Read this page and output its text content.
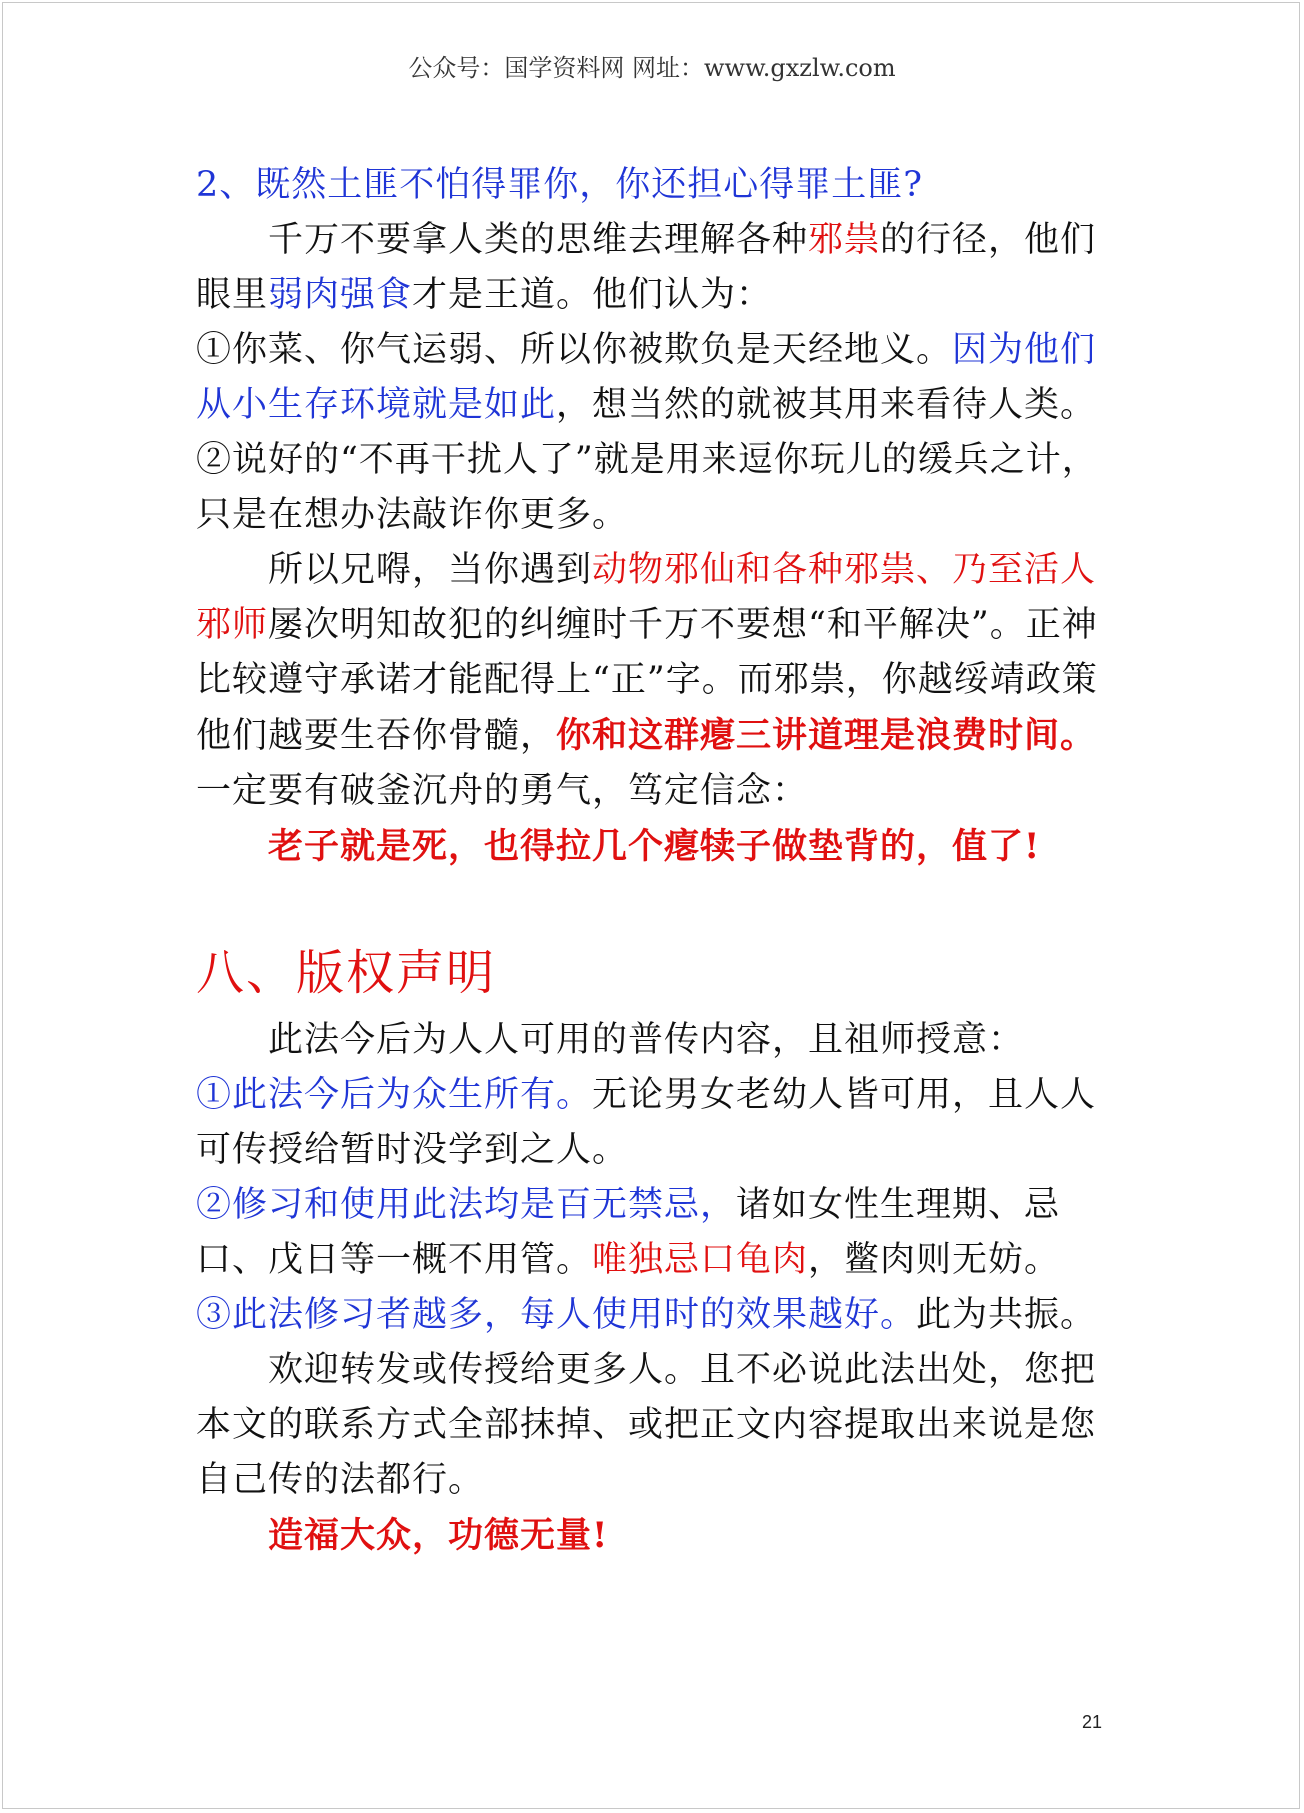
公众号：国学资料网 网址：www.gxzlw.com

2、既然土匪不怕得罪你，你还担心得罪土匪?

千万不要拿人类的思维去理解各种邪祟的行径，他们眼里弱肉强食才是王道。他们认为：

①你菜、你气运弱、所以你被欺负是天经地义。因为他们从小生存环境就是如此，想当然的就被其用来看待人类。

②说好的“不再干扰人了”就是用来逗你玩儿的缓兵之计，只是在想办法敲诈你更多。

所以兄嘚，当你遇到动物邪仙和各种邪祟、乃至活人邪师屡次明知故犯的纠缠时千万不要想“和平解决”。正神比较遵守承诺才能配得上“正”字。而邪祟，你越绥靖政策他们越要生吞你骨髓，你和这群瘪三讲道理是浪费时间。一定要有破釜沉舟的勇气，笃定信念：

老子就是死，也得拉几个瘪犊子做垫背的，值了!

八、版权声明

此法今后为人人可用的普传内容，且祖师授意：

①此法今后为众生所有。无论男女老幼人皆可用，且人人可传授给暂时没学到之人。

②修习和使用此法均是百无禁忌，诸如女性生理期、忌口、戊日等一概不用管。唯独忌口龟肉，鳖肉则无妨。

③此法修习者越多，每人使用时的效果越好。此为共振。

欢迎转发或传授给更多人。且不必说此法出处，您把本文的联系方式全部抹掉、或把正文内容提取出来说是您自己传的法都行。

造福大众，功德无量!

21
